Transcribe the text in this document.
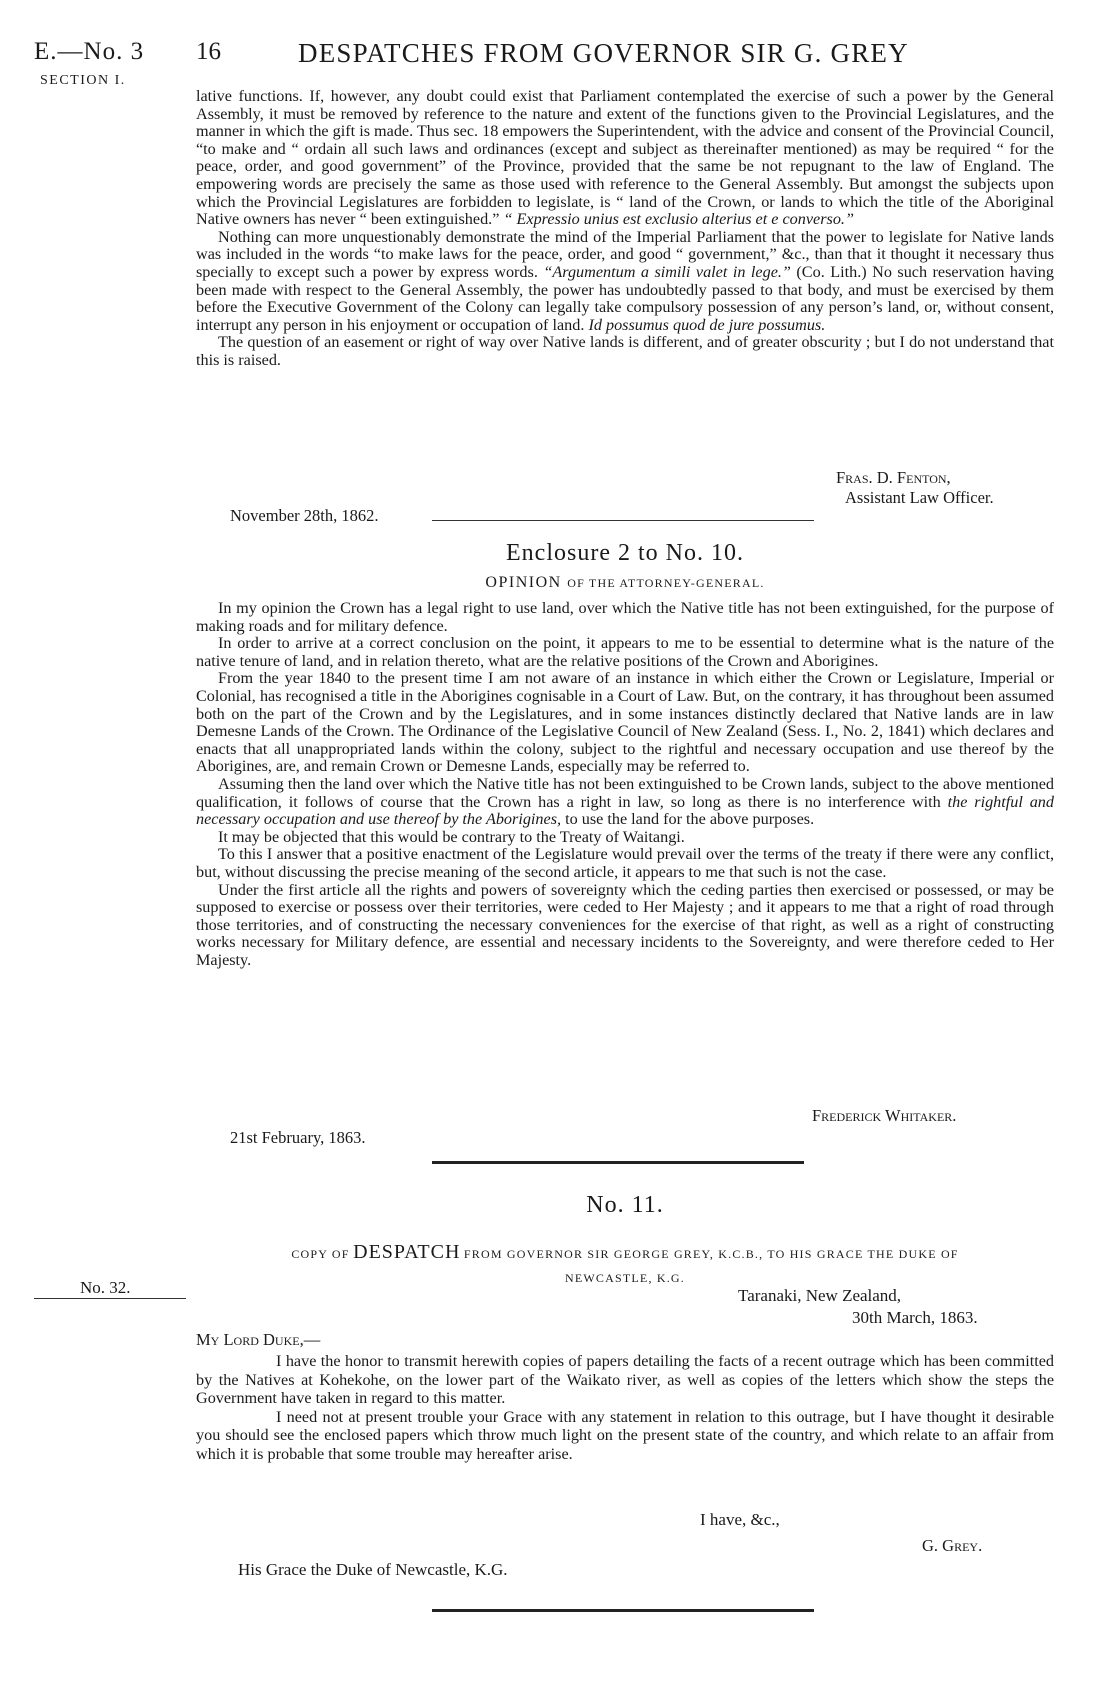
E.—No. 3
SECTION I.
16	DESPATCHES FROM GOVERNOR SIR G. GREY

lative functions. If, however, any doubt could exist that Parliament contemplated the exercise of such a power by the General Assembly, it must be removed by reference to the nature and extent of the functions given to the Provincial Legislatures, and the manner in which the gift is made. Thus sec. 18 empowers the Superintendent, with the advice and consent of the Provincial Council, “to make and “ ordain all such laws and ordinances (except and subject as thereinafter mentioned) as may be required “ for the peace, order, and good government” of the Province, provided that the same be not repugnant to the law of England. The empowering words are precisely the same as those used with reference to the General Assembly. But amongst the subjects upon which the Provincial Legislatures are forbidden to legislate, is “ land of the Crown, or lands to which the title of the Aboriginal Native owners has never “ been extinguished.” “ Expressio unius est exclusio alterius et e converso.”

Nothing can more unquestionably demonstrate the mind of the Imperial Parliament that the power to legislate for Native lands was included in the words “to make laws for the peace, order, and good “ government,” &c., than that it thought it necessary thus specially to except such a power by express words. “Argumentum a simili valet in lege.” (Co. Lith.) No such reservation having been made with respect to the General Assembly, the power has undoubtedly passed to that body, and must be exercised by them before the Executive Government of the Colony can legally take compulsory possession of any person’s land, or, without consent, interrupt any person in his enjoyment or occupation of land. Id possumus quod de jure possumus.

The question of an easement or right of way over Native lands is different, and of greater obscurity ; but I do not understand that this is raised.

Fras. D. Fenton,
Assistant Law Officer.
November 28th, 1862.
Enclosure 2 to No. 10.
OPINION OF THE ATTORNEY-GENERAL.

In my opinion the Crown has a legal right to use land, over which the Native title has not been extinguished, for the purpose of making roads and for military defence.

In order to arrive at a correct conclusion on the point, it appears to me to be essential to determine what is the nature of the native tenure of land, and in relation thereto, what are the relative positions of the Crown and Aborigines.

From the year 1840 to the present time I am not aware of an instance in which either the Crown or Legislature, Imperial or Colonial, has recognised a title in the Aborigines cognisable in a Court of Law. But, on the contrary, it has throughout been assumed both on the part of the Crown and by the Legislatures, and in some instances distinctly declared that Native lands are in law Demesne Lands of the Crown. The Ordinance of the Legislative Council of New Zealand (Sess. I., No. 2, 1841) which declares and enacts that all unappropriated lands within the colony, subject to the rightful and necessary occupation and use thereof by the Aborigines, are, and remain Crown or Demesne Lands, especially may be referred to.

Assuming then the land over which the Native title has not been extinguished to be Crown lands, subject to the above mentioned qualification, it follows of course that the Crown has a right in law, so long as there is no interference with the rightful and necessary occupation and use thereof by the Aborigines, to use the land for the above purposes.

It may be objected that this would be contrary to the Treaty of Waitangi.

To this I answer that a positive enactment of the Legislature would prevail over the terms of the treaty if there were any conflict, but, without discussing the precise meaning of the second article, it appears to me that such is not the case.

Under the first article all the rights and powers of sovereignty which the ceding parties then exercised or possessed, or may be supposed to exercise or possess over their territories, were ceded to Her Majesty ; and it appears to me that a right of road through those territories, and of constructing the necessary conveniences for the exercise of that right, as well as a right of constructing works necessary for Military defence, are essential and necessary incidents to the Sovereignty, and were therefore ceded to Her Majesty.

Frederick Whitaker.
21st February, 1863.
No. 11.
COPY OF DESPATCH FROM GOVERNOR SIR GEORGE GREY, K.C.B., TO HIS GRACE THE DUKE OF
NEWCASTLE, K.G.
No. 32.	Taranaki, New Zealand,
30th March, 1863.
My Lord Duke,—

I have the honor to transmit herewith copies of papers detailing the facts of a recent outrage which has been committed by the Natives at Kohekohe, on the lower part of the Waikato river, as well as copies of the letters which show the steps the Government have taken in regard to this matter.

I need not at present trouble your Grace with any statement in relation to this outrage, but I have thought it desirable you should see the enclosed papers which throw much light on the present state of the country, and which relate to an affair from which it is probable that some trouble may hereafter arise.

I have, &c.,
G. Grey.
His Grace the Duke of Newcastle, K.G.
